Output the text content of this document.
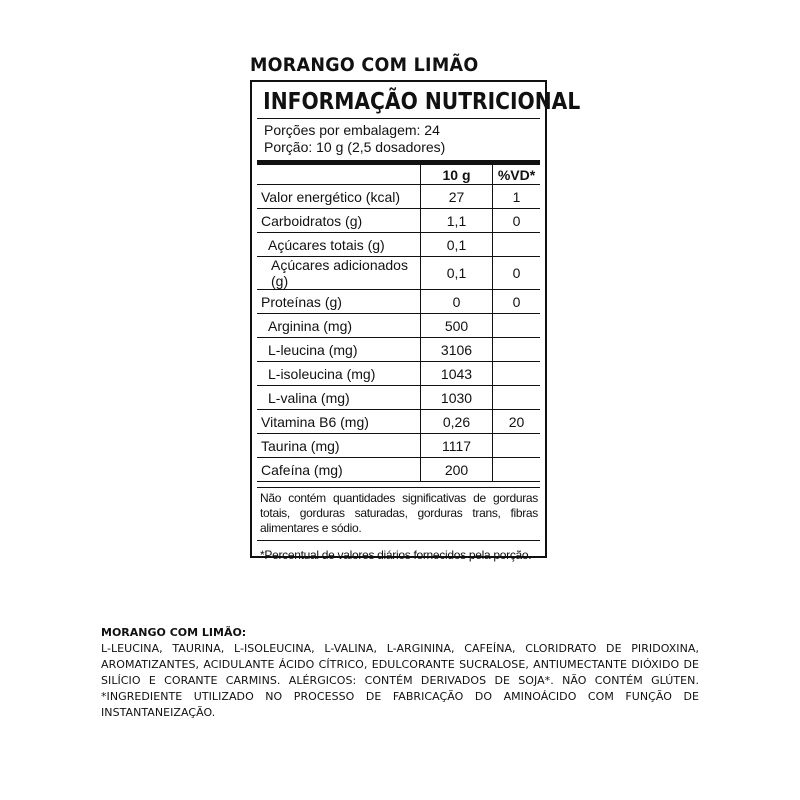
MORANGO COM LIMÃO
INFORMAÇÃO NUTRICIONAL
Porções por embalagem: 24
Porção: 10 g (2,5 dosadores)
	10 g	%VD*
Valor energético (kcal)	27	1
Carboidratos (g)	1,1	0
Açúcares totais (g)	0,1	
Açúcares adicionados (g)	0,1	0
Proteínas (g)	0	0
Arginina (mg)	500	
L-leucina (mg)	3106	
L-isoleucina (mg)	1043	
L-valina (mg)	1030	
Vitamina B6 (mg)	0,26	20
Taurina (mg)	1117	
Cafeína (mg)	200	
Não contém quantidades significativas de gorduras totais, gorduras saturadas, gorduras trans, fibras alimentares e sódio.
*Percentual de valores diários fornecidos pela porção.
MORANGO COM LIMÃO:
L-LEUCINA, TAURINA, L-ISOLEUCINA, L-VALINA, L-ARGININA, CAFEÍNA, CLORIDRATO DE PIRIDOXINA, AROMATIZANTES, ACIDULANTE ÁCIDO CÍTRICO, EDULCORANTE SUCRALOSE, ANTIUMECTANTE DIÓXIDO DE SILÍCIO E CORANTE CARMINS. ALÉRGICOS: CONTÉM DERIVADOS DE SOJA*. NÃO CONTÉM GLÚTEN. *INGREDIENTE UTILIZADO NO PROCESSO DE FABRICAÇÃO DO AMINOÁCIDO COM FUNÇÃO DE INSTANTANEIZAÇÃO.
